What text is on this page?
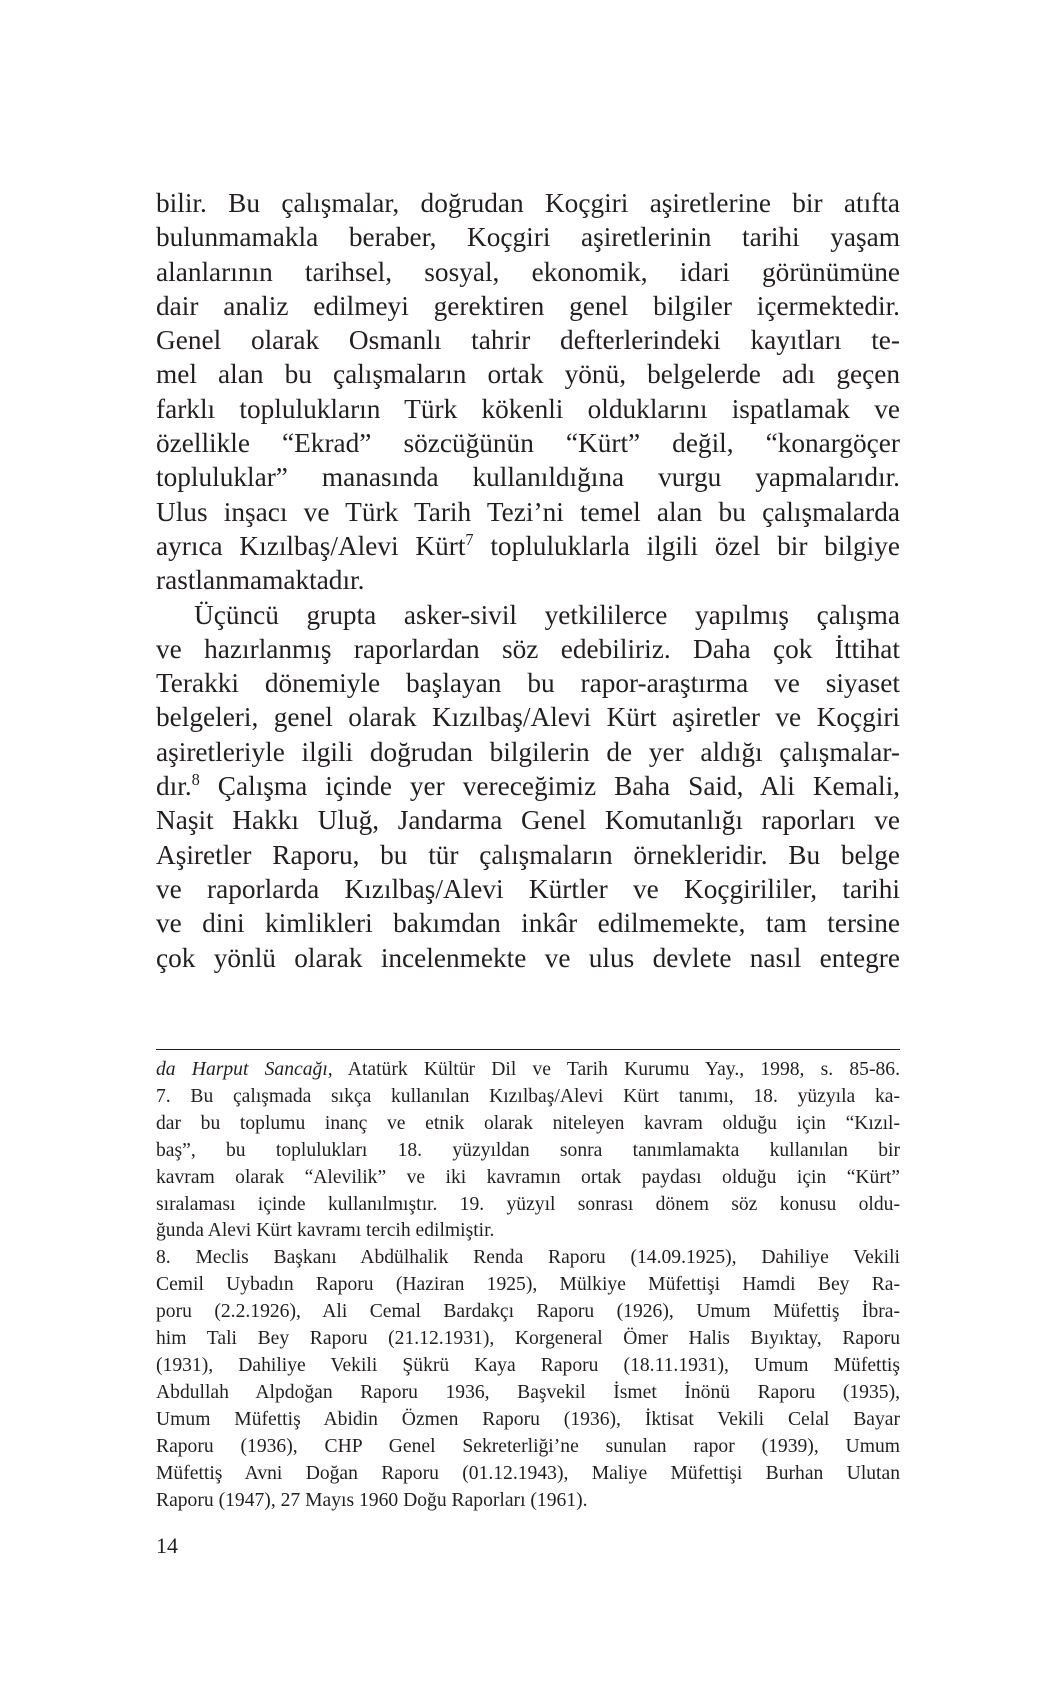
bilir. Bu çalışmalar, doğrudan Koçgiri aşiretlerine bir atıfta
bulunmamakla beraber, Koçgiri aşiretlerinin tarihi yaşam
alanlarının tarihsel, sosyal, ekonomik, idari görünümüne
dair analiz edilmeyi gerektiren genel bilgiler içermektedir.
Genel olarak Osmanlı tahrir defterlerindeki kayıtları te-
mel alan bu çalışmaların ortak yönü, belgelerde adı geçen
farklı toplulukların Türk kökenli olduklarını ispatlamak ve
özellikle “Ekrad” sözcüğünün “Kürt” değil, “konargöçer
topluluklar” manasında kullanıldığına vurgu yapmalarıdır.
Ulus inşacı ve Türk Tarih Tezi’ni temel alan bu çalışmalarda
ayrıca Kızılbaş/Alevi Kürt$^7$ topluluklarla ilgili özel bir bilgiye
rastlanmamaktadır.
Üçüncü grupta asker-sivil yetkililerce yapılmış çalışma
ve hazırlanmış raporlardan söz edebiliriz. Daha çok İttihat
Terakki dönemiyle başlayan bu rapor-araştırma ve siyaset
belgeleri, genel olarak Kızılbaş/Alevi Kürt aşiretler ve Koçgiri
aşiretleriyle ilgili doğrudan bilgilerin de yer aldığı çalışmalar-
dır.$^8$ Çalışma içinde yer vereceğimiz Baha Said, Ali Kemali,
Naşit Hakkı Uluğ, Jandarma Genel Komutanlığı raporları ve
Aşiretler Raporu, bu tür çalışmaların örnekleridir. Bu belge
ve raporlarda Kızılbaş/Alevi Kürtler ve Koçgirililer, tarihi
ve dini kimlikleri bakımdan inkâr edilmemekte, tam tersine
çok yönlü olarak incelenmekte ve ulus devlete nasıl entegre
da Harput Sancağı, Atatürk Kültür Dil ve Tarih Kurumu Yay., 1998, s. 85-86.
7. Bu çalışmada sıkça kullanılan Kızılbaş/Alevi Kürt tanımı, 18. yüzyıla ka-
dar bu toplumu inanç ve etnik olarak niteleyen kavram olduğu için “Kızıl-
baş”, bu toplulukları 18. yüzyıldan sonra tanımlamakta kullanılan bir
kavram olarak “Alevilik” ve iki kavramın ortak paydası olduğu için “Kürt”
sıralaması içinde kullanılmıştır. 19. yüzyıl sonrası dönem söz konusu oldu-
ğunda Alevi Kürt kavramı tercih edilmiştir.
8. Meclis Başkanı Abdülhalik Renda Raporu (14.09.1925), Dahiliye Vekili
Cemil Uybadın Raporu (Haziran 1925), Mülkiye Müfettişi Hamdi Bey Ra-
poru (2.2.1926), Ali Cemal Bardakçı Raporu (1926), Umum Müfettiş İbra-
him Tali Bey Raporu (21.12.1931), Korgeneral Ömer Halis Bıyıktay, Raporu
(1931), Dahiliye Vekili Şükrü Kaya Raporu (18.11.1931), Umum Müfettiş
Abdullah Alpdoğan Raporu 1936, Başvekil İsmet İnönü Raporu (1935),
Umum Müfettiş Abidin Özmen Raporu (1936), İktisat Vekili Celal Bayar
Raporu (1936), CHP Genel Sekreterliği’ne sunulan rapor (1939), Umum
Müfettiş Avni Doğan Raporu (01.12.1943), Maliye Müfettişi Burhan Ulutan
Raporu (1947), 27 Mayıs 1960 Doğu Raporları (1961).
14
